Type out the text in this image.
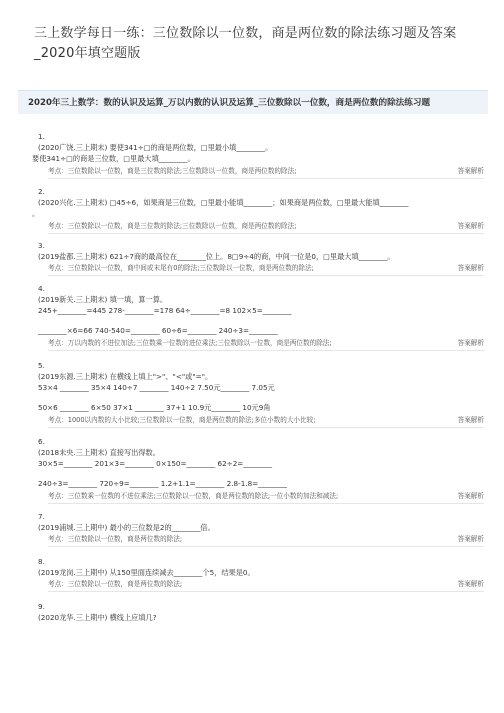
三上数学每日一练：三位数除以一位数，商是两位数的除法练习题及答案
_2020年填空题版
2020年三上数学：数的认识及运算_万以内数的认识及运算_三位数除以一位数，商是两位数的除法练习题
1.
(2020广饶.三上期末) 要使341÷□的商是两位数，□里最小填________。
要使341÷□的商是三位数，□里最大填________。
考点：三位数除以一位数，商是三位数的除法;三位数除以一位数，商是两位数的除法;	答案解析
2.
(2020兴化.三上期末) □45÷6，如果商是三位数，□里最小能填________；如果商是两位数，□里最大能填________
。
考点：三位数除以一位数，商是三位数的除法;三位数除以一位数，商是两位数的除法;	答案解析
3.
(2019盐都.三上期末) 621÷7商的最高位在________位上。8□9÷4的商，中间一位是0，□里最大填________。
考点：三位数除以一位数，商中间或末尾有0的除法;三位数除以一位数，商是两位数的除法;	答案解析
4.
(2019新关.三上期末) 填一填，算一算。
245+________=445 278-________=178 64÷________=8 102×5=________
________×6=66 740-540=________ 60÷6=________ 240÷3=________
考点：万以内数的不进位加法;三位数乘一位数的进位乘法;三位数除以一位数，商是两位数的除法;	答案解析
5.
(2019东源.三上期末) 在横线上填上">"、"<"或"="。
53×4 ________ 35×4 140÷7 ________ 140÷2 7.50元________ 7.05元
50×6 ________ 6×50 37×1 ________ 37+1 10.9元________ 10元9角
考点：1000以内数的大小比较;三位数除以一位数，商是两位数的除法;多位小数的大小比较;	答案解析
6.
(2018未央.三上期末) 直接写出得数。
30×5=________ 201×3=________ 0×150=________ 62÷2=________
240÷3=________ 720÷9=________ 1.2+1.1=________ 2.8-1.8=________
考点：三位数乘一位数的不进位乘法;三位数除以一位数，商是两位数的除法;一位小数的加法和减法;	答案解析
7.
(2019浦城.三上期中) 最小的三位数是2的________倍。
考点：三位数除以一位数，商是两位数的除法;	答案解析
8.
(2019龙岗.三上期中) 从150里面连续减去________个5，结果是0。
考点：三位数除以一位数，商是两位数的除法;	答案解析
9.
(2020龙华.三上期中) 横线上应填几?
